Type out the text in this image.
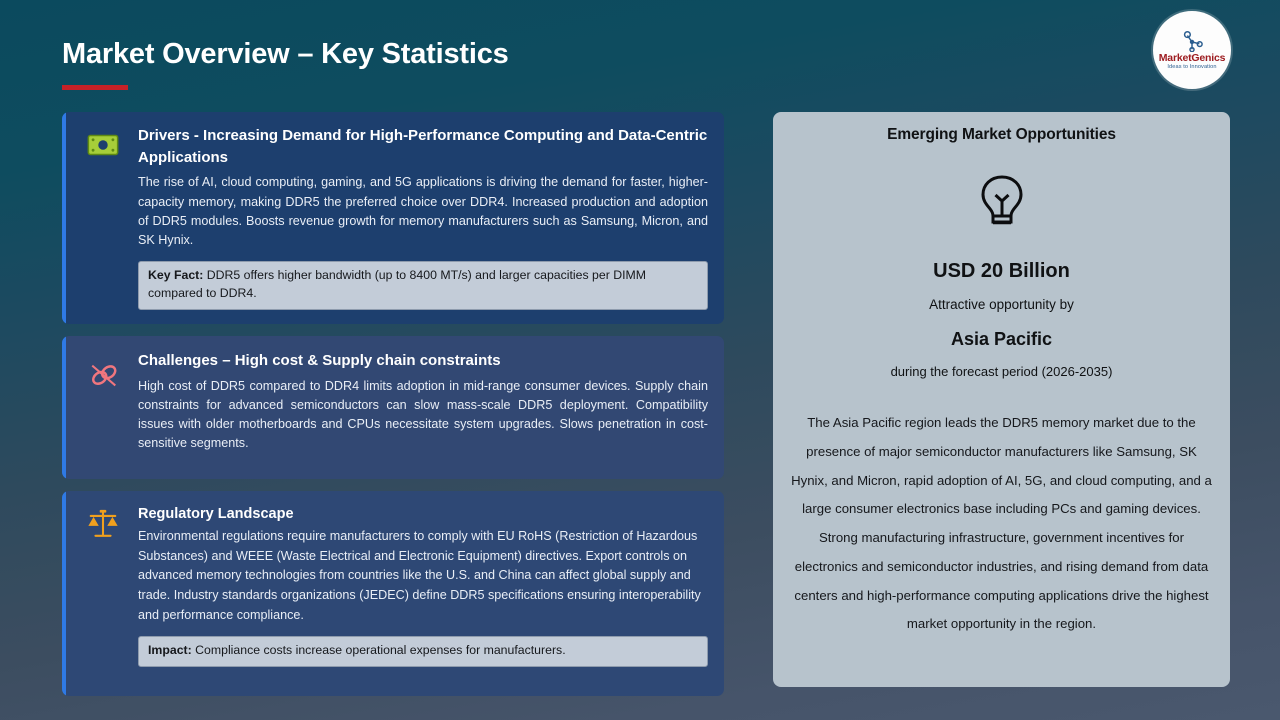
Market Overview – Key Statistics	MarketGenics
Ideas to Innovation

Drivers - Increasing Demand for High-Performance Computing and Data-Centric Applications

The rise of AI, cloud computing, gaming, and 5G applications is driving the demand for faster, higher-capacity memory, making DDR5 the preferred choice over DDR4. Increased production and adoption of DDR5 modules. Boosts revenue growth for memory manufacturers such as Samsung, Micron, and SK Hynix.

Key Fact: DDR5 offers higher bandwidth (up to 8400 MT/s) and larger capacities per DIMM compared to DDR4.

Challenges – High cost & Supply chain constraints

High cost of DDR5 compared to DDR4 limits adoption in mid-range consumer devices. Supply chain constraints for advanced semiconductors can slow mass-scale DDR5 deployment. Compatibility issues with older motherboards and CPUs necessitate system upgrades. Slows penetration in cost-sensitive segments.

Regulatory Landscape

Environmental regulations require manufacturers to comply with EU RoHS (Restriction of Hazardous Substances) and WEEE (Waste Electrical and Electronic Equipment) directives. Export controls on advanced memory technologies from countries like the U.S. and China can affect global supply and trade. Industry standards organizations (JEDEC) define DDR5 specifications ensuring interoperability and performance compliance.

Impact: Compliance costs increase operational expenses for manufacturers.

Emerging Market Opportunities

USD 20 Billion

Attractive opportunity by

Asia Pacific

during the forecast period (2026-2035)

The Asia Pacific region leads the DDR5 memory market due to the presence of major semiconductor manufacturers like Samsung, SK Hynix, and Micron, rapid adoption of AI, 5G, and cloud computing, and a large consumer electronics base including PCs and gaming devices. Strong manufacturing infrastructure, government incentives for electronics and semiconductor industries, and rising demand from data centers and high-performance computing applications drive the highest market opportunity in the region.
